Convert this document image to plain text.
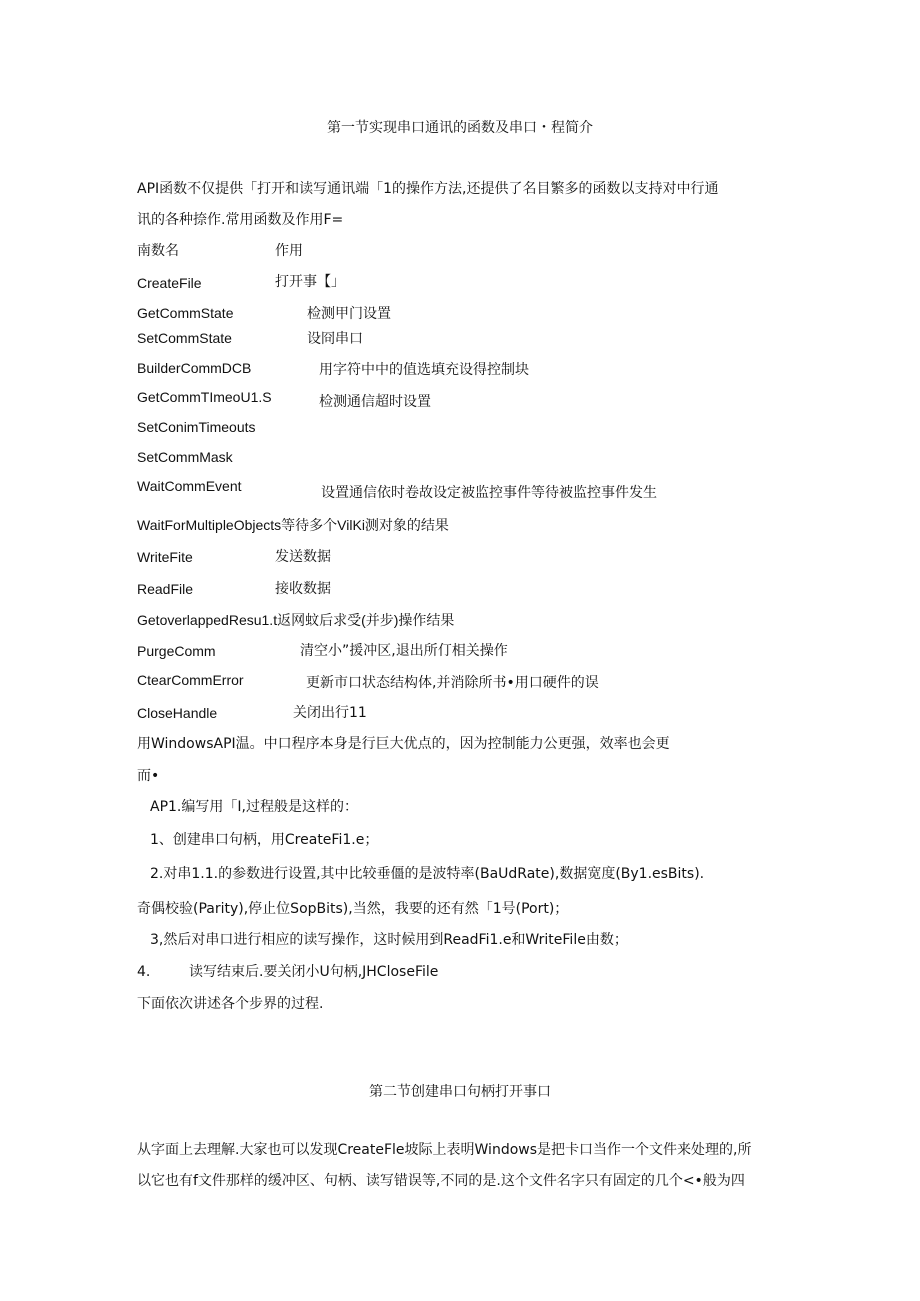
第一节实现串口通讯的函数及串口・程简介
API函数不仅提供「打开和读写通讯端「1的操作方法,还提供了名目繁多的函数以支持对中行通
讯的各种捺作.常用函数及作用F=
南数名	作用
CreateFile	打开事【」
GetCommState	检测甲门设置
SetCommState	设冏串口
BuilderCommDCB	用字符中中的值选填充设得控制块
GetCommTImeoU1.S	检测通信超时设置
SetConimTimeouts
SetCommMask
WaitCommEvent	设置通信依时卷故设定被监控事件等待被监控事件发生
WaitForMultipleObjects等待多个VilKi测对象的结果
WriteFite	发送数据
ReadFile	接收数据
GetoverlappedResu1.t返网蚊后求受(并步)操作结果
PurgeComm	清空小”援冲区,退出所仃相关操作
CtearCommError	更新市口状态结构体,并消除所书•用口硬件的误
CloseHandle	关闭出行11
用WindowsAPI温。中口程序本身是行巨大优点的，因为控制能力公更强，效率也会更
而•
AP1.编写用「I,过程般是这样的：
1、创建串口句柄，用CreateFi1.e；
2.对串1.1.的参数进行设置,其中比较垂僵的是波特率(BaUdRate),数据宽度(By1.esBits).
奇偶校验(Parity),停止位SopBits),当然，我要的还有然「1号(Port)；
3,然后对串口进行相应的读写操作，这时候用到ReadFi1.e和WriteFile由数；
4.	读写结束后.要关闭小U句柄,JHCloseFile
下面依次讲述各个步界的过程.
第二节创建串口句柄打开事口
从字面上去理解.大家也可以发现CreateFle坡际上表明Windows是把卡口当作一个文件来处理的,所
以它也有f文件那样的缓冲区、句柄、读写错误等,不同的是.这个文件名字只有固定的几个<•般为四
